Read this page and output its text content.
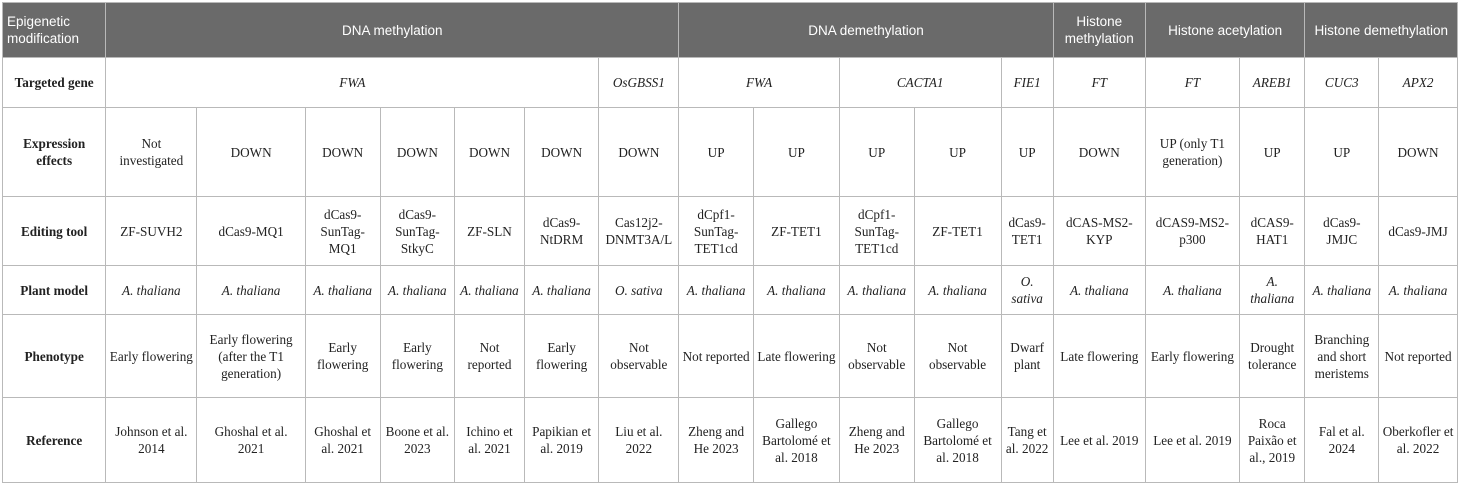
Epigenetic modification	DNA methylation							DNA demethylation					Histone methylation	Histone acetylation		Histone demethylation	
Targeted gene	FWA						OsGBSS1	FWA		CACTA1		FIE1	FT	FT	AREB1	CUC3	APX2
Expression effects	Not investigated	DOWN	DOWN	DOWN	DOWN	DOWN	DOWN	UP	UP	UP	UP	UP	DOWN	UP (only T1 generation)	UP	UP	DOWN
Editing tool	ZF-SUVH2	dCas9-MQ1	dCas9-SunTag-MQ1	dCas9-SunTag-StkyC	ZF-SLN	dCas9-NtDRM	Cas12j2-DNMT3A/L	dCpf1-SunTag-TET1cd	ZF-TET1	dCpf1-SunTag-TET1cd	ZF-TET1	dCas9-TET1	dCAS-MS2-KYP	dCAS9-MS2-p300	dCAS9-HAT1	dCas9-JMJC	dCas9-JMJ
Plant model	A. thaliana	A. thaliana	A. thaliana	A. thaliana	A. thaliana	A. thaliana	O. sativa	A. thaliana	A. thaliana	A. thaliana	A. thaliana	O. sativa	A. thaliana	A. thaliana	A. thaliana	A. thaliana	A. thaliana
Phenotype	Early flowering	Early flowering (after the T1 generation)	Early flowering	Early flowering	Not reported	Early flowering	Not observable	Not reported	Late flowering	Not observable	Not observable	Dwarf plant	Late flowering	Early flowering	Drought tolerance	Branching and short meristems	Not reported
Reference	Johnson et al. 2014	Ghoshal et al. 2021	Ghoshal et al. 2021	Boone et al. 2023	Ichino et al. 2021	Papikian et al. 2019	Liu et al. 2022	Zheng and He 2023	Gallego Bartolomé et al. 2018	Zheng and He 2023	Gallego Bartolomé et al. 2018	Tang et al. 2022	Lee et al. 2019	Lee et al. 2019	Roca Paixão et al., 2019	Fal et al. 2024	Oberkofler et al. 2022
